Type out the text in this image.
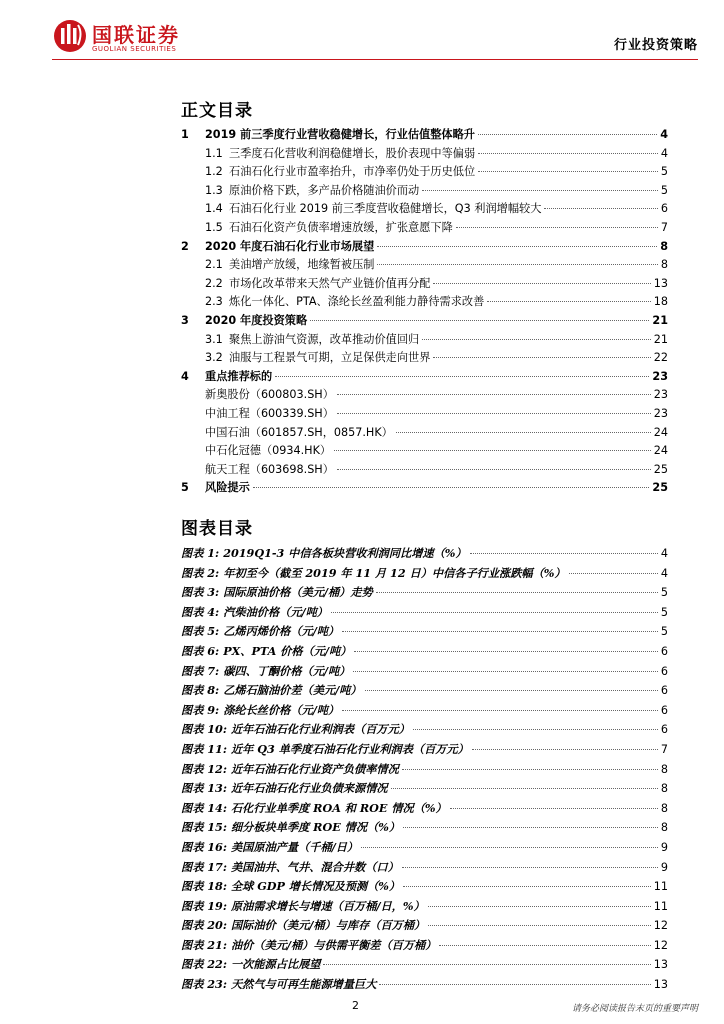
国联证券
GUOLIAN SECURITIES	行业投资策略
正文目录
1	2019 前三季度行业营收稳健增长，行业估值整体略升	4
1.1 三季度石化营收利润稳健增长，股价表现中等偏弱	4
1.2 石油石化行业市盈率抬升，市净率仍处于历史低位	5
1.3 原油价格下跌，多产品价格随油价而动	5
1.4 石油石化行业 2019 前三季度营收稳健增长，Q3 利润增幅较大	6
1.5 石油石化资产负债率增速放缓，扩张意愿下降	7
2	2020 年度石油石化行业市场展望	8
2.1 美油增产放缓，地缘暂被压制	8
2.2 市场化改革带来天然气产业链价值再分配	13
2.3 炼化一体化、PTA、涤纶长丝盈利能力静待需求改善	18
3	2020 年度投资策略	21
3.1 聚焦上游油气资源，改革推动价值回归	21
3.2 油服与工程景气可期，立足保供走向世界	22
4	重点推荐标的	23
新奥股份（600803.SH）	23
中油工程（600339.SH）	23
中国石油（601857.SH，0857.HK）	24
中石化冠德（0934.HK）	24
航天工程（603698.SH）	25
5	风险提示	25
图表目录
图表 1: 2019Q1-3 中信各板块营收利润同比增速（%）	4
图表 2: 年初至今（截至 2019 年 11 月 12 日）中信各子行业涨跌幅（%）	4
图表 3: 国际原油价格（美元/桶）走势	5
图表 4: 汽柴油价格（元/吨）	5
图表 5: 乙烯丙烯价格（元/吨）	5
图表 6: PX、PTA 价格（元/吨）	6
图表 7: 碳四、丁酮价格（元/吨）	6
图表 8: 乙烯石脑油价差（美元/吨）	6
图表 9: 涤纶长丝价格（元/吨）	6
图表 10: 近年石油石化行业利润表（百万元）	6
图表 11: 近年 Q3 单季度石油石化行业利润表（百万元）	7
图表 12: 近年石油石化行业资产负债率情况	8
图表 13: 近年石油石化行业负债来源情况	8
图表 14: 石化行业单季度 ROA 和 ROE 情况（%）	8
图表 15: 细分板块单季度 ROE 情况（%）	8
图表 16: 美国原油产量（千桶/日）	9
图表 17: 美国油井、气井、混合井数（口）	9
图表 18: 全球 GDP 增长情况及预测（%）	11
图表 19: 原油需求增长与增速（百万桶/日，%）	11
图表 20: 国际油价（美元/桶）与库存（百万桶）	12
图表 21: 油价（美元/桶）与供需平衡差（百万桶）	12
图表 22: 一次能源占比展望	13
图表 23: 天然气与可再生能源增量巨大	13
2	请务必阅读报告末页的重要声明
